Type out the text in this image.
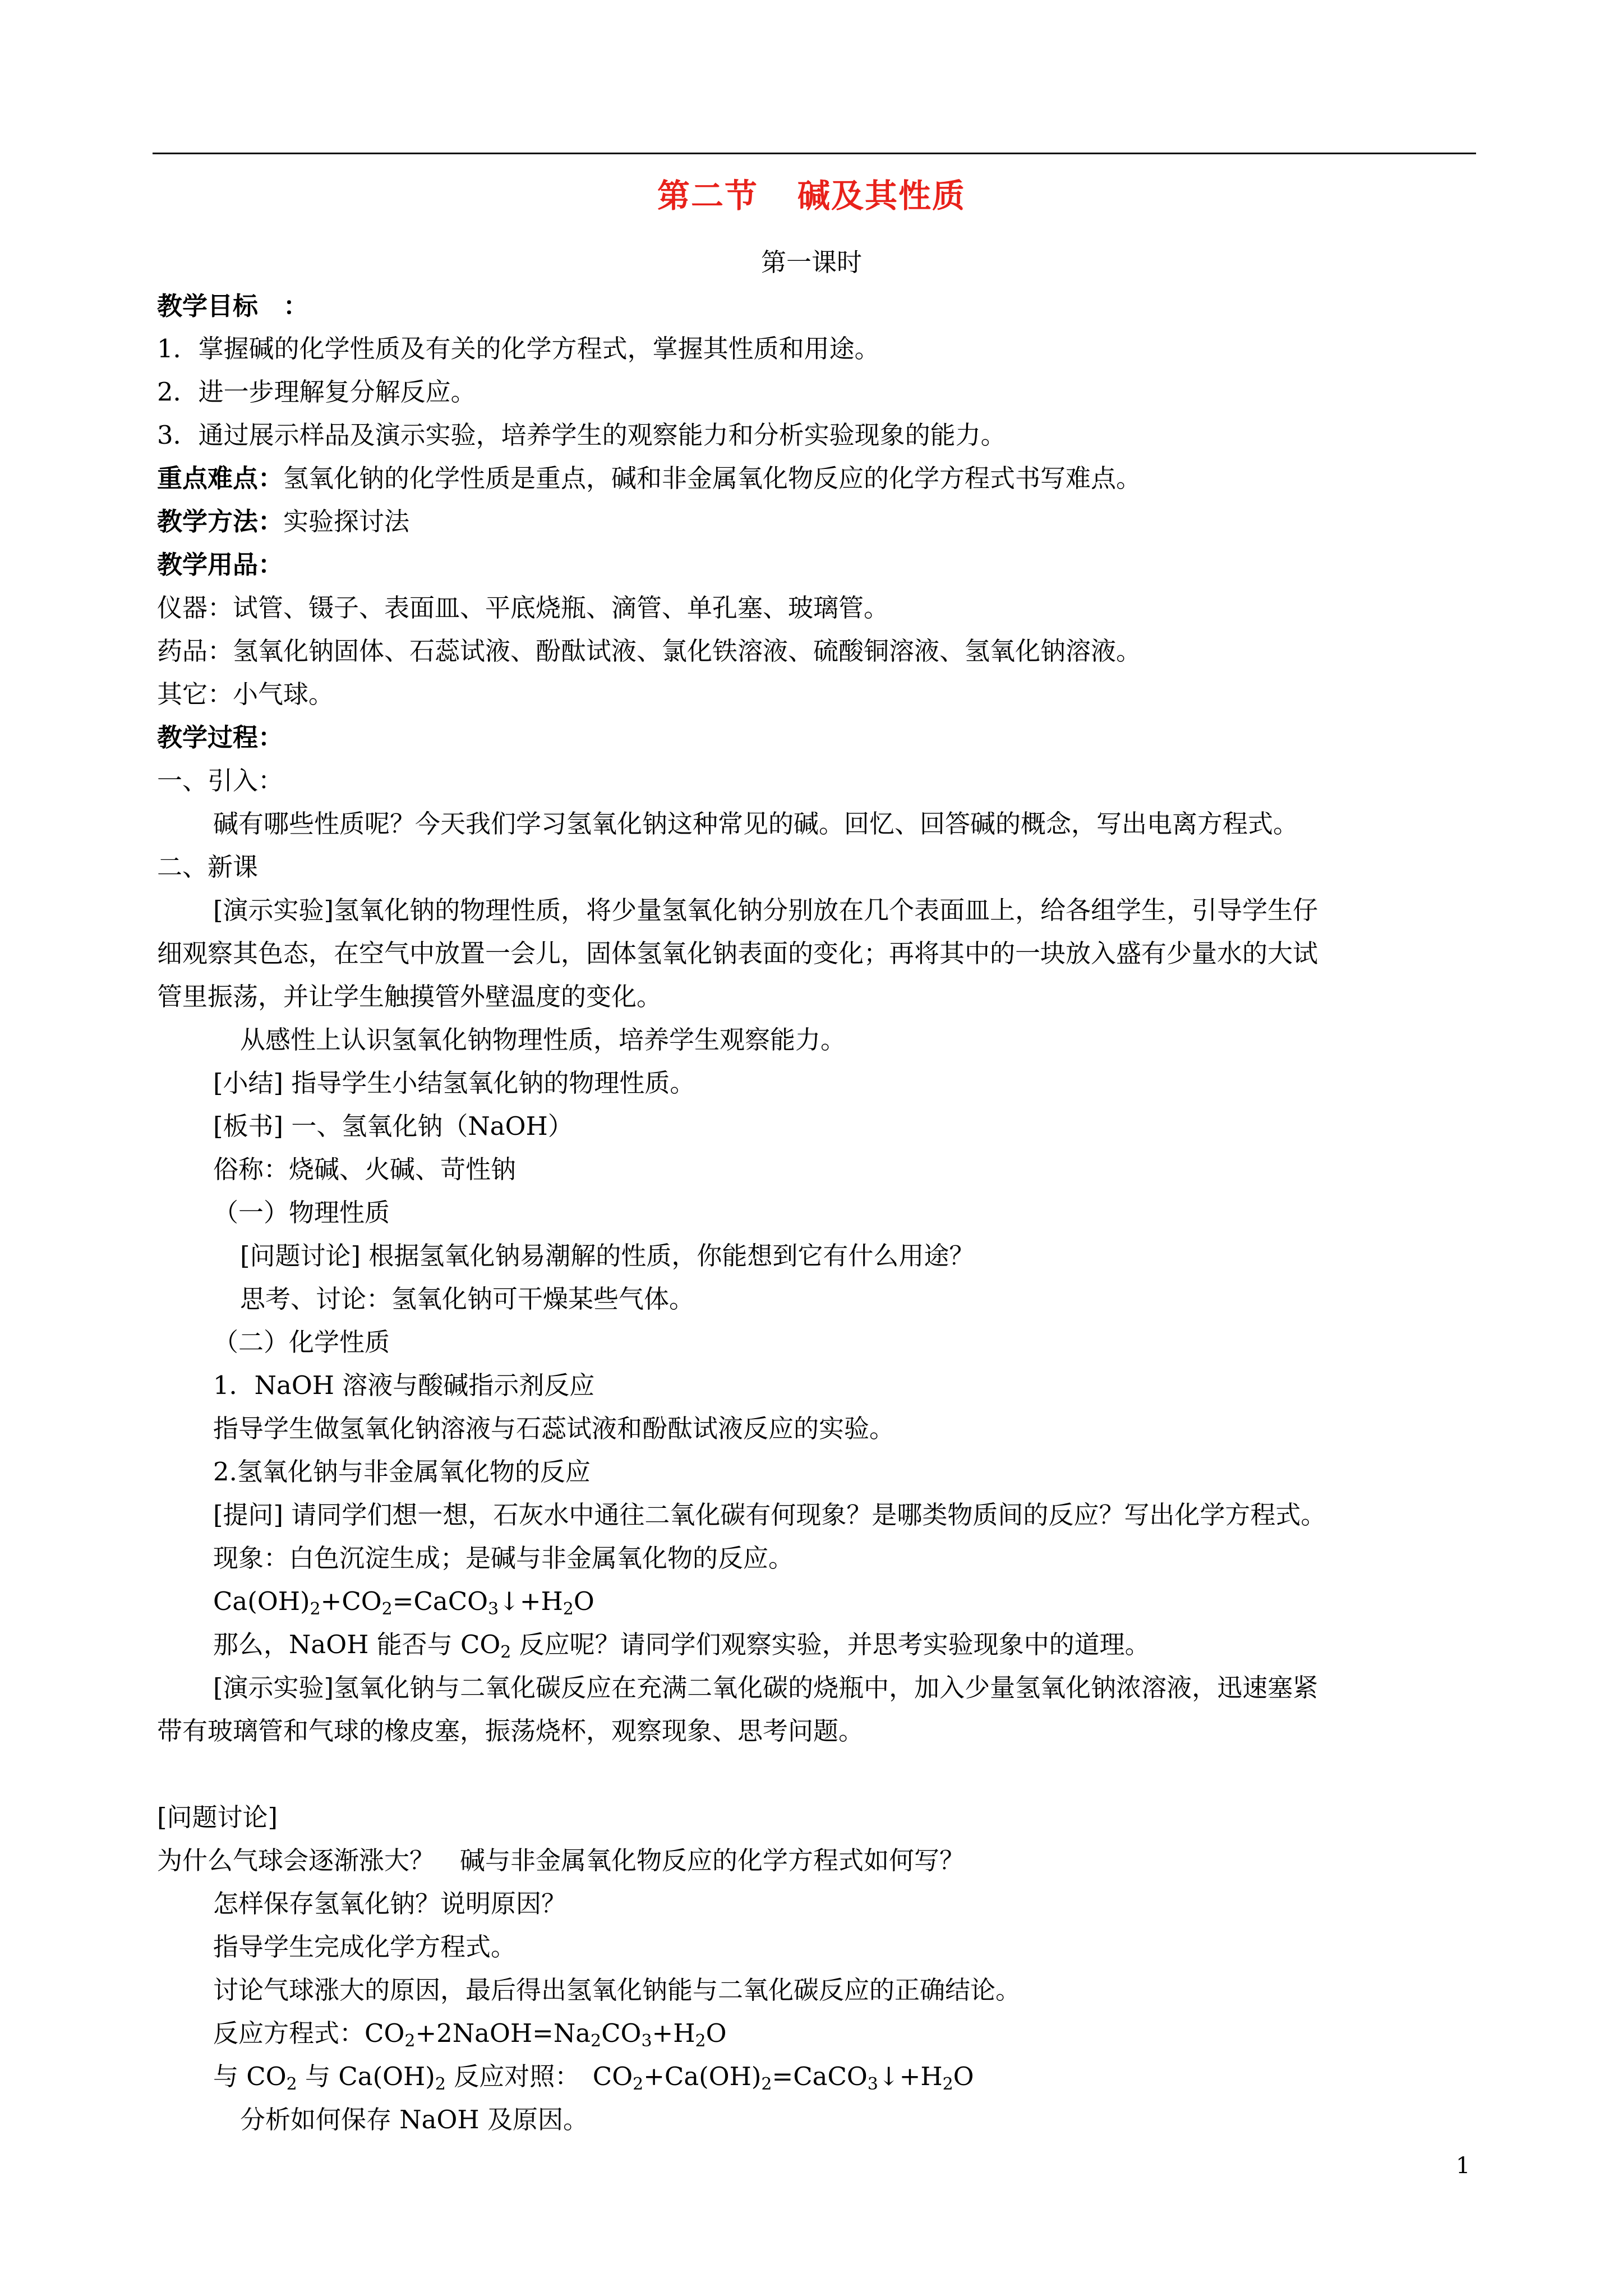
第二节 碱及其性质
第一课时
教学目标　：
1．掌握碱的化学性质及有关的化学方程式，掌握其性质和用途。
2．进一步理解复分解反应。
3．通过展示样品及演示实验，培养学生的观察能力和分析实验现象的能力。
重点难点：氢氧化钠的化学性质是重点，碱和非金属氧化物反应的化学方程式书写难点。
教学方法：实验探讨法
教学用品：
仪器：试管、镊子、表面皿、平底烧瓶、滴管、单孔塞、玻璃管。
药品：氢氧化钠固体、石蕊试液、酚酞试液、氯化铁溶液、硫酸铜溶液、氢氧化钠溶液。
其它：小气球。
教学过程：
一、引入：
碱有哪些性质呢？今天我们学习氢氧化钠这种常见的碱。回忆、回答碱的概念，写出电离方程式。
二、新课
[演示实验]氢氧化钠的物理性质，将少量氢氧化钠分别放在几个表面皿上，给各组学生，引导学生仔
细观察其色态，在空气中放置一会儿，固体氢氧化钠表面的变化；再将其中的一块放入盛有少量水的大试
管里振荡，并让学生触摸管外壁温度的变化。
从感性上认识氢氧化钠物理性质，培养学生观察能力。
[小结] 指导学生小结氢氧化钠的物理性质。
[板书] 一、氢氧化钠（NaOH）
俗称：烧碱、火碱、苛性钠
（一）物理性质
[问题讨论] 根据氢氧化钠易潮解的性质，你能想到它有什么用途？
思考、讨论：氢氧化钠可干燥某些气体。
（二）化学性质
1．NaOH 溶液与酸碱指示剂反应
指导学生做氢氧化钠溶液与石蕊试液和酚酞试液反应的实验。
2.氢氧化钠与非金属氧化物的反应
[提问] 请同学们想一想，石灰水中通往二氧化碳有何现象？是哪类物质间的反应？写出化学方程式。
现象：白色沉淀生成；是碱与非金属氧化物的反应。
$Ca(OH)_2+CO_2=CaCO_3↓+H_2O$
那么，NaOH 能否与 $CO_2$ 反应呢？请同学们观察实验，并思考实验现象中的道理。
[演示实验]氢氧化钠与二氧化碳反应在充满二氧化碳的烧瓶中，加入少量氢氧化钠浓溶液，迅速塞紧
带有玻璃管和气球的橡皮塞，振荡烧杯，观察现象、思考问题。
[问题讨论]
为什么气球会逐渐涨大？　碱与非金属氧化物反应的化学方程式如何写？
怎样保存氢氧化钠？说明原因？
指导学生完成化学方程式。
讨论气球涨大的原因，最后得出氢氧化钠能与二氧化碳反应的正确结论。
反应方程式：$CO_2+2NaOH=Na_2CO_3+H_2O$
与 $CO_2$ 与 $Ca(OH)_2$ 反应对照：　$CO_2+Ca(OH)_2=CaCO_3↓+H_2O$
分析如何保存 NaOH 及原因。
1
